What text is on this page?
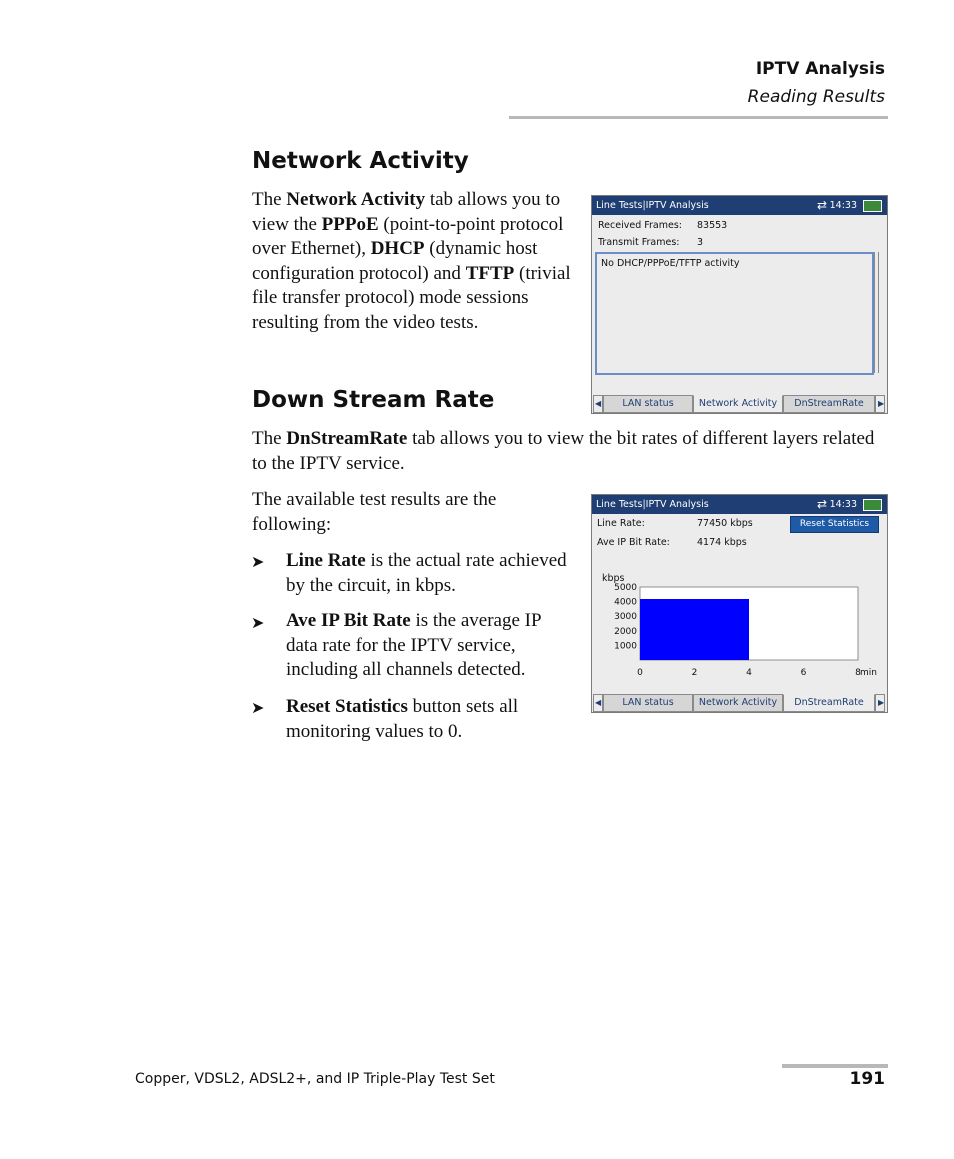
IPTV Analysis
Reading Results
Network Activity
The Network Activity tab allows you to view the PPPoE (point-to-point protocol over Ethernet), DHCP (dynamic host configuration protocol) and TFTP (trivial file transfer protocol) mode sessions resulting from the video tests.
Line Tests|IPTV Analysis	⇄ 14:33
Received Frames: 83553
Transmit Frames: 3
No DHCP/PPPoE/TFTP activity
◀	LAN status	Network Activity	DnStreamRate	▶
Down Stream Rate
The DnStreamRate tab allows you to view the bit rates of different layers related to the IPTV service.
The available test results are the following:
➤ Line Rate is the actual rate achieved by the circuit, in kbps.
➤ Ave IP Bit Rate is the average IP data rate for the IPTV service, including all channels detected.
➤ Reset Statistics button sets all monitoring values to 0.
Line Tests|IPTV Analysis	⇄ 14:33
Line Rate:	77450 kbps
Ave IP Bit Rate:	4174 kbps
Reset Statistics
kbps
5000
4000
3000
2000
1000
0	2	4	6	8 min
◀	LAN status	Network Activity	DnStreamRate	▶
Copper, VDSL2, ADSL2+, and IP Triple-Play Test Set	191
